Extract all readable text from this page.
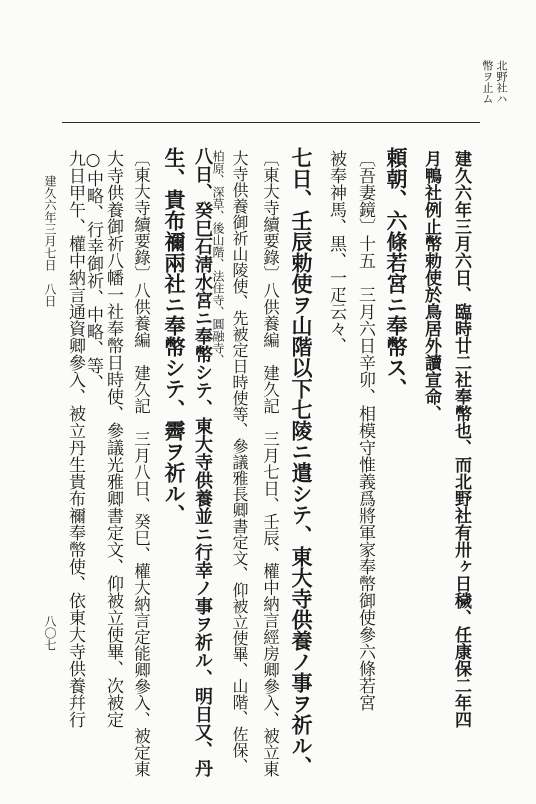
北野社ハ

幣ヲ止ム

建久六年三月六日、臨時廿二社奉幣也、而北野社有卅ヶ日穢、任康保二年四

月鴨社例止幣勅使於鳥居外讀宣命、

頼朝、六條若宮ニ奉幣ス、

〔吾妻鏡〕十五　三月六日辛卯、相模守惟義爲將軍家奉幣御使參六條若宮

被奉神馬、黒、一疋云々、

七日、壬辰勅使ヲ山階以下七陵ニ遣シテ、東大寺供養ノ事ヲ祈ル、

〔東大寺續要錄〕八供養編　建久記　三月七日、壬辰、權中納言經房卿參入、被立東

大寺供養御祈山陵使、先被定日時使等、參議雅長卿書定文、仰被立使畢、山階、佐保、

柏原、深草、後山階、法住寺、圓融寺、

八日、癸巳石淸水宮ニ奉幣シテ、東大寺供養並ニ行幸ノ事ヲ祈ル、明日又、丹

生、貴布禰兩社ニ奉幣シテ、霽ヲ祈ル、

〔東大寺續要錄〕八供養編　建久記　三月八日、癸巳、權大納言定能卿參入、被定東

大寺供養御祈八幡一社奉幣日時使、參議光雅卿書定文、仰被立使畢、次被定

○中略、行幸御祈、中略、等、

九日甲午、權中納言通資卿參入、被立丹生貴布禰奉幣使、依東大寺供養幷行

建久六年三月七日　八日

八〇七
